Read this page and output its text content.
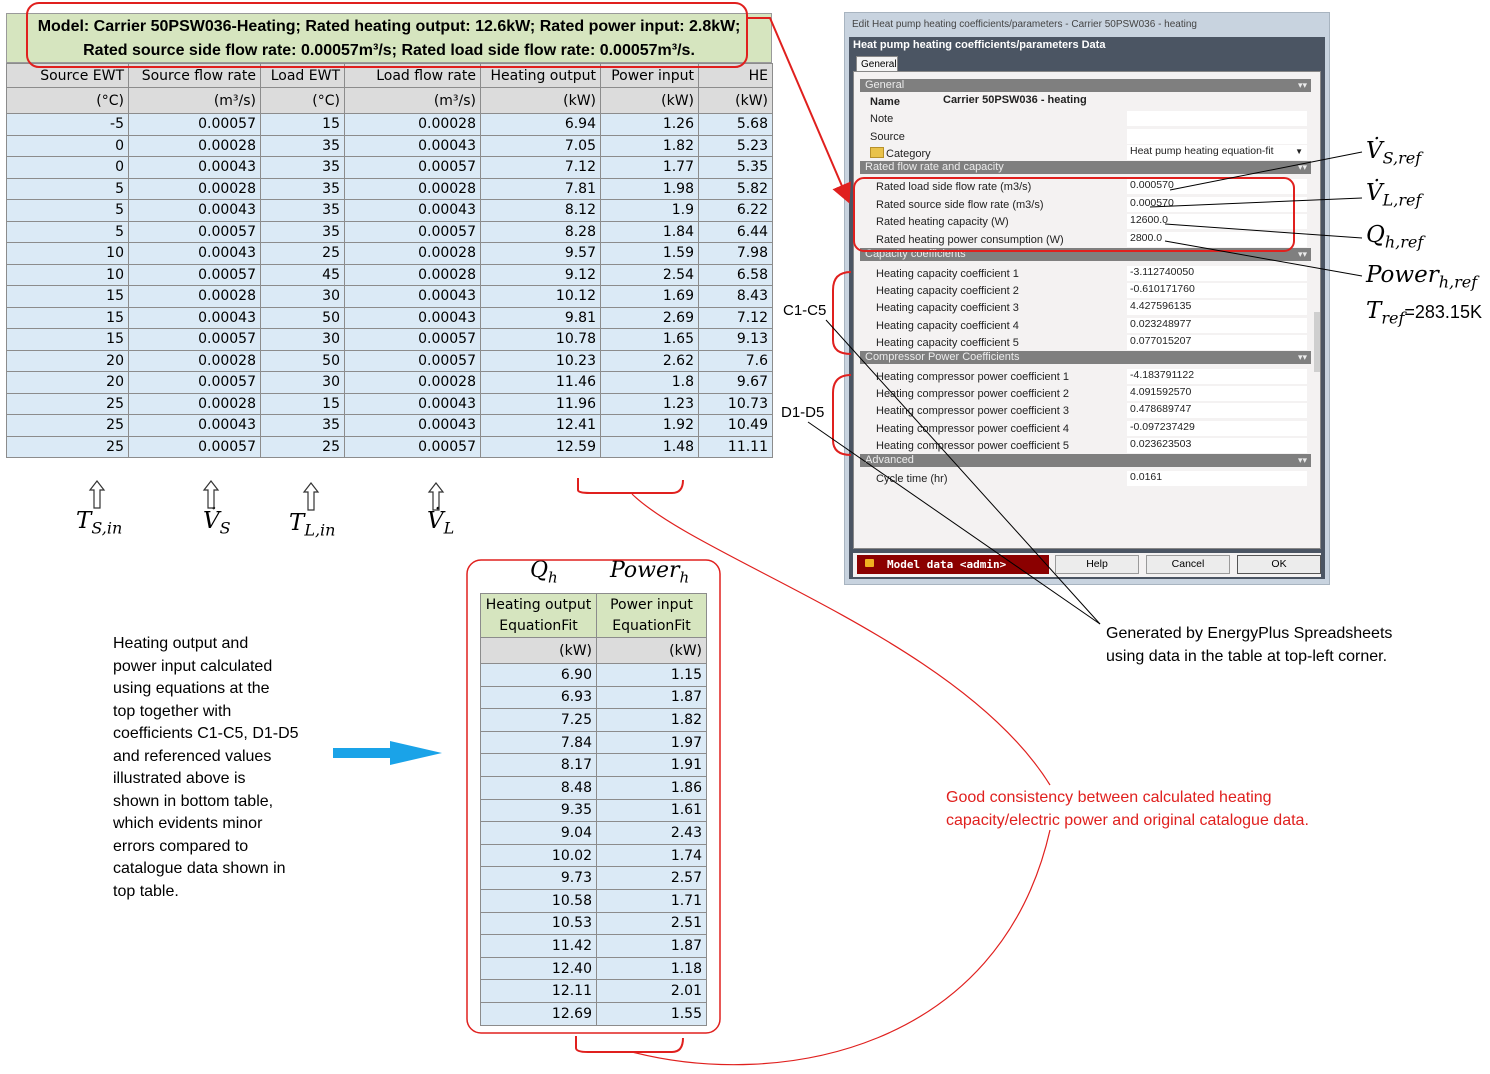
Model: Carrier 50PSW036-Heating; Rated heating output: 12.6kW; Rated power input: 2.8kW;
Rated source side flow rate: 0.00057m³/s; Rated load side flow rate: 0.00057m³/s.
Source EWT	Source flow rate	Load EWT	Load flow rate	Heating output	Power input	HE
(°C)	(m³/s)	(°C)	(m³/s)	(kW)	(kW)	(kW)
-5	0.00057	15	0.00028	6.94	1.26	5.68
0	0.00028	35	0.00043	7.05	1.82	5.23
0	0.00043	35	0.00057	7.12	1.77	5.35
5	0.00028	35	0.00028	7.81	1.98	5.82
5	0.00043	35	0.00043	8.12	1.9	6.22
5	0.00057	35	0.00057	8.28	1.84	6.44
10	0.00043	25	0.00028	9.57	1.59	7.98
10	0.00057	45	0.00028	9.12	2.54	6.58
15	0.00028	30	0.00043	10.12	1.69	8.43
15	0.00043	50	0.00043	9.81	2.69	7.12
15	0.00057	30	0.00057	10.78	1.65	9.13
20	0.00028	50	0.00057	10.23	2.62	7.6
20	0.00057	30	0.00028	11.46	1.8	9.67
25	0.00028	15	0.00043	11.96	1.23	10.73
25	0.00043	35	0.00043	12.41	1.92	10.49
25	0.00057	25	0.00057	12.59	1.48	11.11
Heating output	Power input
EquationFit	EquationFit
(kW)	(kW)
6.90	1.15
6.93	1.87
7.25	1.82
7.84	1.97
8.17	1.91
8.48	1.86
9.35	1.61
9.04	2.43
10.02	1.74
9.73	2.57
10.58	1.71
10.53	2.51
11.42	1.87
12.40	1.18
12.11	2.01
12.69	1.55
$T_{S,in}$	$V̇_S$	$T_{L,in}$	$V̇_L$
$V̇_{S,ref}$
$V̇_{L,ref}$
$Q_{h,ref}$
Power$_{h,ref}$
$T_{ref}=283.15K$
$Q_h$ Power$_h$
Edit Heat pump heating coefficients/parameters - Carrier 50PSW036 - heating
Heat pump heating coefficients/parameters Data
General
General	▾▾
Name	Carrier 50PSW036 - heating
Note
Source
Category	Heat pump heating equation-fit	▼
Rated flow rate and capacity	▾▾
Capacity coefficients	▾▾
Compressor Power Coefficients	▾▾
Advanced	▾▾
Cycle time (hr)	0.0161
Rated load side flow rate (m3/s)	0.000570
Rated source side flow rate (m3/s)	0.000570
Rated heating capacity (W)	12600.0
Rated heating power consumption (W)	2800.0
Heating capacity coefficient 1	-3.112740050
Heating capacity coefficient 2	-0.610171760
Heating capacity coefficient 3	4.427596135
Heating capacity coefficient 4	0.023248977
Heating capacity coefficient 5	0.077015207
Heating compressor power coefficient 1	-4.183791122
Heating compressor power coefficient 2	4.091592570
Heating compressor power coefficient 3	0.478689747
Heating compressor power coefficient 4	-0.097237429
Heating compressor power coefficient 5	0.023623503
Model data <admin>	Help	Cancel	OK
C1-C5
D1-D5
Generated by EnergyPlus Spreadsheets
using data in the table at top-left corner.
Heating output and
power input calculated
using equations at the
top together with
coefficients C1-C5, D1-D5
and referenced values
illustrated above is
shown in bottom table,
which evidents minor
errors compared to
catalogue data shown in
top table.
Good consistency between calculated heating
capacity/electric power and original catalogue data.
